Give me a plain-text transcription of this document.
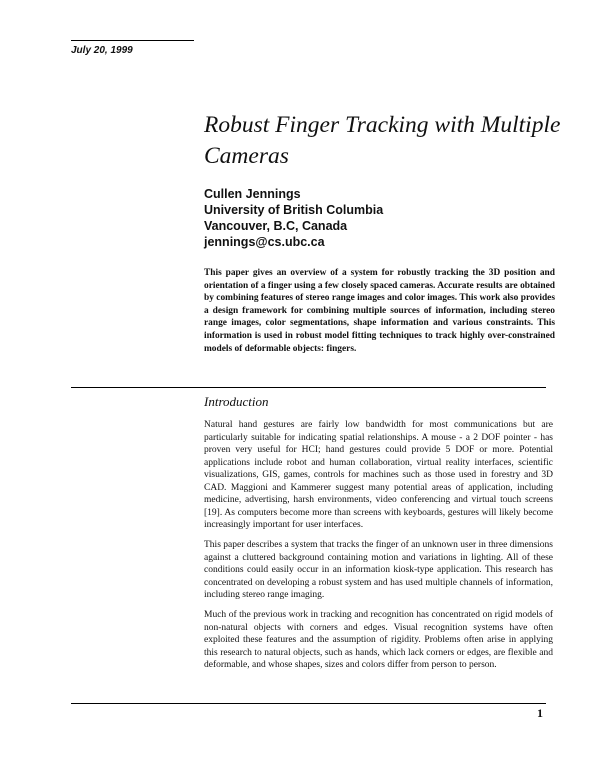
July 20, 1999
Robust Finger Tracking with Multiple Cameras
Cullen Jennings
University of British Columbia
Vancouver, B.C, Canada
jennings@cs.ubc.ca
This paper gives an overview of a system for robustly tracking the 3D position and orientation of a finger using a few closely spaced cameras. Accurate results are obtained by combining features of stereo range images and color images. This work also provides a design framework for combining multiple sources of information, including stereo range images, color segmentations, shape information and various constraints. This information is used in robust model fitting techniques to track highly over-constrained models of deformable objects: fingers.
Introduction
Natural hand gestures are fairly low bandwidth for most communications but are particularly suitable for indicating spatial relationships. A mouse - a 2 DOF pointer - has proven very useful for HCI; hand gestures could provide 5 DOF or more. Potential applications include robot and human collaboration, virtual reality interfaces, scientific visualizations, GIS, games, controls for machines such as those used in forestry and 3D CAD. Maggioni and Kammerer suggest many potential areas of application, including medicine, advertising, harsh environments, video conferencing and virtual touch screens [19]. As computers become more than screens with keyboards, gestures will likely become increasingly important for user interfaces.
This paper describes a system that tracks the finger of an unknown user in three dimensions against a cluttered background containing motion and variations in lighting. All of these conditions could easily occur in an information kiosk-type application. This research has concentrated on developing a robust system and has used multiple channels of information, including stereo range imaging.
Much of the previous work in tracking and recognition has concentrated on rigid models of non-natural objects with corners and edges. Visual recognition systems have often exploited these features and the assumption of rigidity. Problems often arise in applying this research to natural objects, such as hands, which lack corners or edges, are flexible and deformable, and whose shapes, sizes and colors differ from person to person.
1
